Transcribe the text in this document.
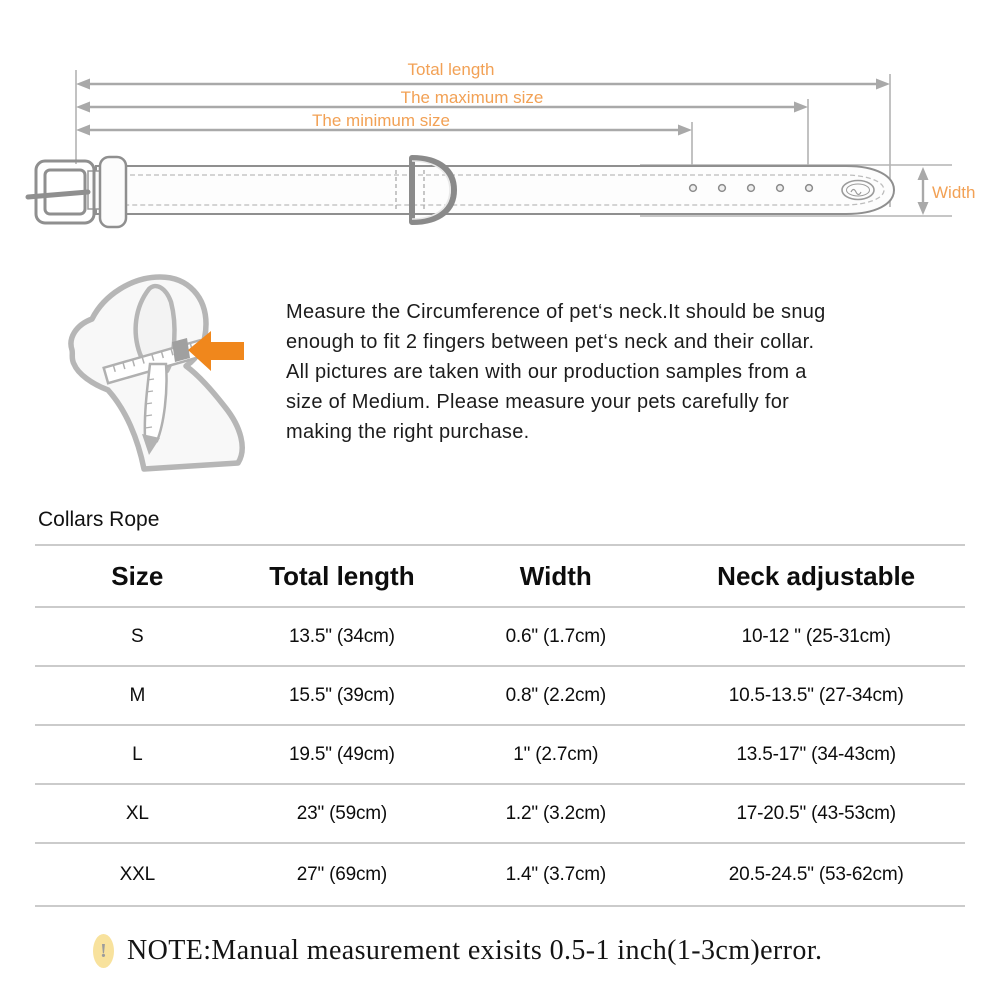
Total length
The maximum size
The minimum size
Width
Measure the Circumference of pet‘s neck.It should be snug
enough to fit 2 fingers between pet‘s neck and their collar.
All pictures are taken with our production samples from a
size of Medium. Please measure your pets carefully for
making the right purchase.
Collars Rope
Size	Total length	Width	Neck adjustable
S	13.5" (34cm)	0.6" (1.7cm)	10-12 " (25-31cm)
M	15.5" (39cm)	0.8" (2.2cm)	10.5-13.5" (27-34cm)
L	19.5" (49cm)	1" (2.7cm)	13.5-17" (34-43cm)
XL	23" (59cm)	1.2" (3.2cm)	17-20.5" (43-53cm)
XXL	27" (69cm)	1.4" (3.7cm)	20.5-24.5" (53-62cm)
! NOTE:Manual measurement exisits 0.5-1 inch(1-3cm)error.
